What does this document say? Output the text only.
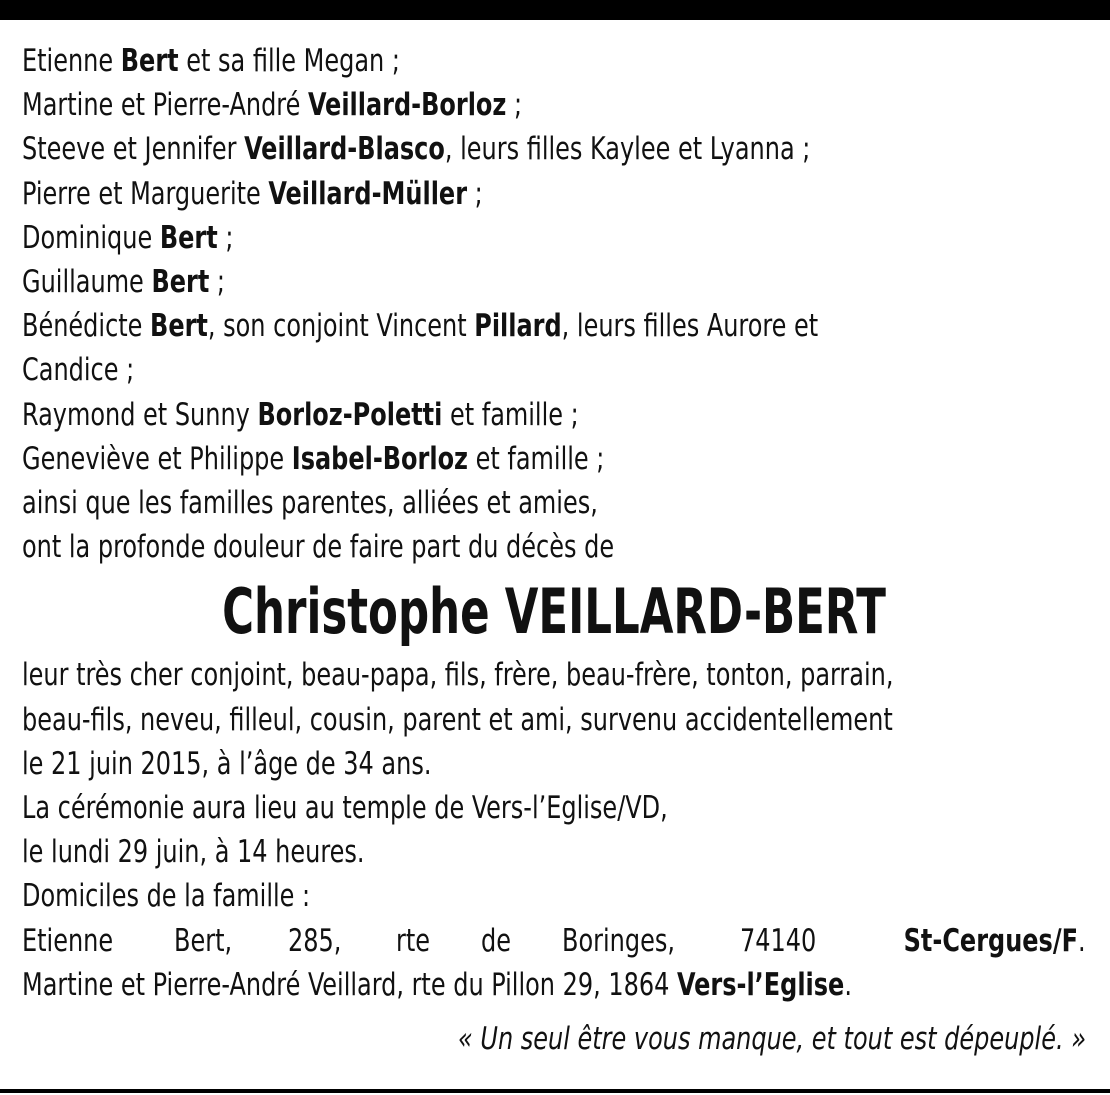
Etienne Bert et sa fille Megan ;
Martine et Pierre-André Veillard-Borloz ;
Steeve et Jennifer Veillard-Blasco, leurs filles Kaylee et Lyanna ;
Pierre et Marguerite Veillard-Müller ;
Dominique Bert ;
Guillaume Bert ;
Bénédicte Bert, son conjoint Vincent Pillard, leurs filles Aurore et
Candice ;
Raymond et Sunny Borloz-Poletti et famille ;
Geneviève et Philippe Isabel-Borloz et famille ;
ainsi que les familles parentes, alliées et amies,
ont la profonde douleur de faire part du décès de
Christophe VEILLARD-BERT
leur très cher conjoint, beau-papa, fils, frère, beau-frère, tonton, parrain,
beau-fils, neveu, filleul, cousin, parent et ami, survenu accidentellement
le 21 juin 2015, à l’âge de 34 ans.
La cérémonie aura lieu au temple de Vers-l’Eglise/VD,
le lundi 29 juin, à 14 heures.
Domiciles de la famille :
Etienne Bert, 285, rte de Boringes, 74140	St-Cergues/F.
Martine et Pierre-André Veillard, rte du Pillon 29, 1864 Vers-l’Eglise.
« Un seul être vous manque, et tout est dépeuplé. »
